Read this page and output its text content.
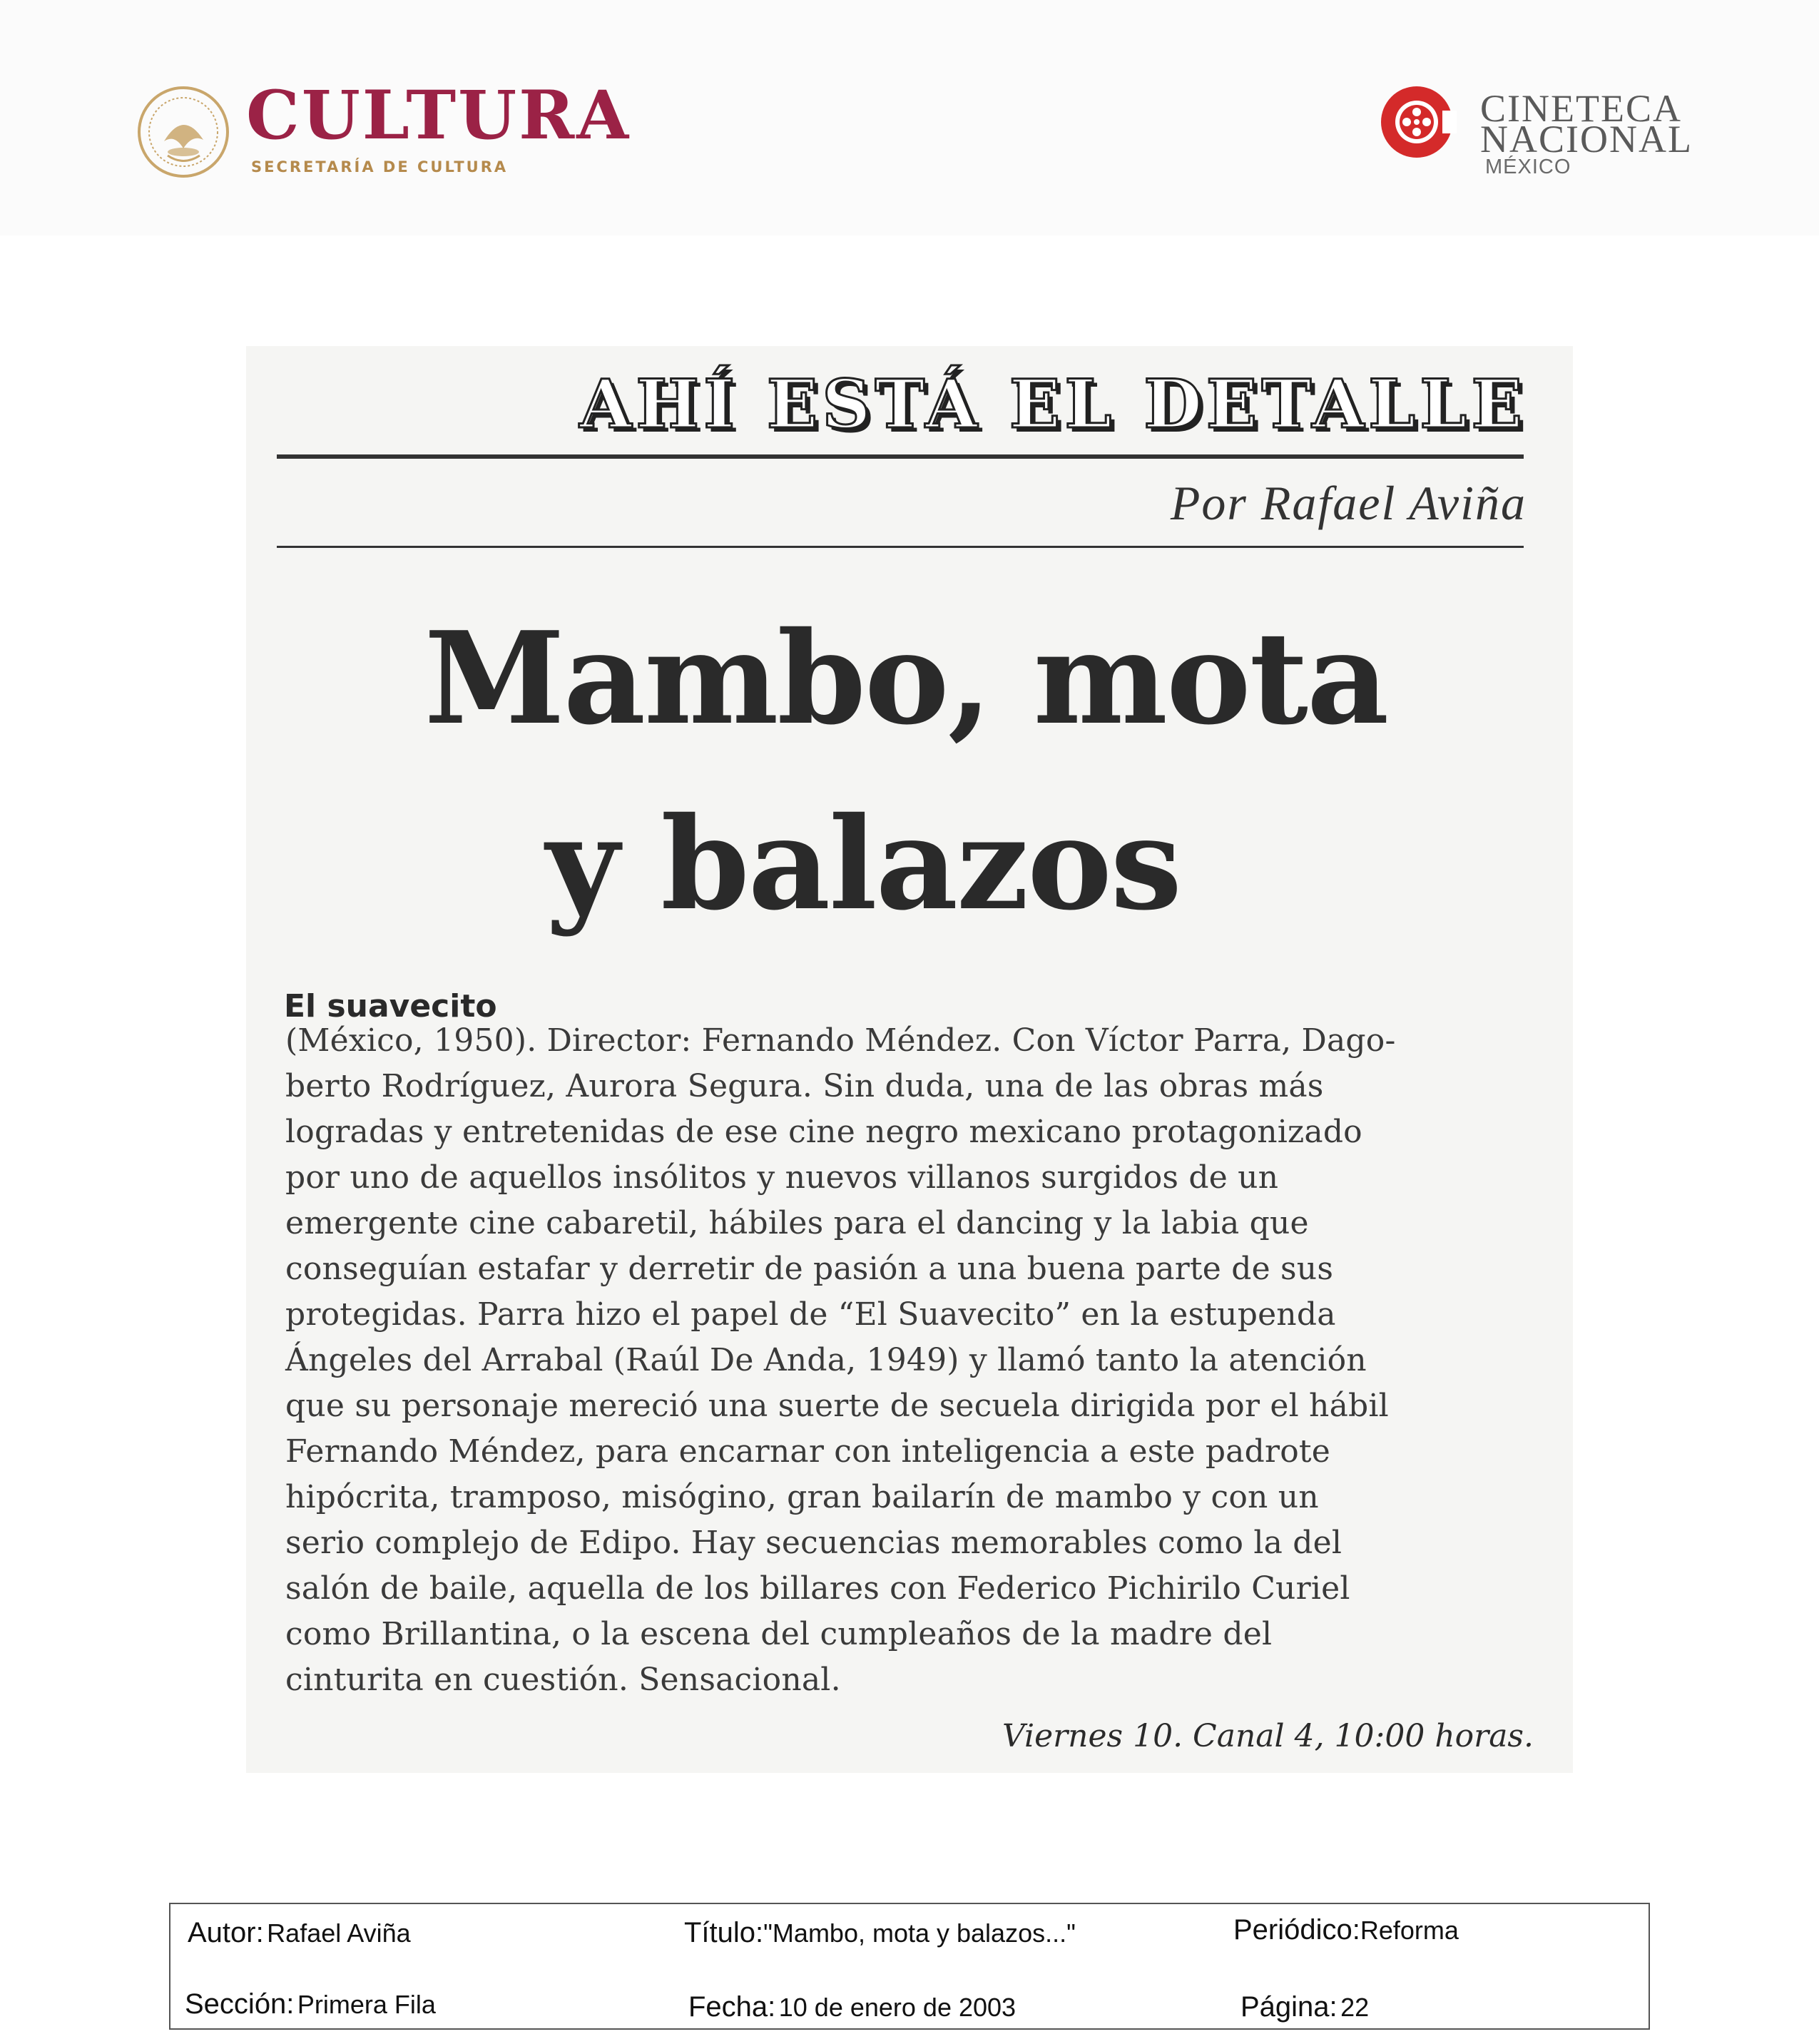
CULTURA
SECRETARÍA DE CULTURA
CINETECA
NACIONAL
MÉXICO
AHÍ ESTÁ EL DETALLE
Por Rafael Aviña
Mambo, mota
y balazos
El suavecito
(México, 1950). Director: Fernando Méndez. Con Víctor Parra, Dago-
berto Rodríguez, Aurora Segura. Sin duda, una de las obras más
logradas y entretenidas de ese cine negro mexicano protagonizado
por uno de aquellos insólitos y nuevos villanos surgidos de un
emergente cine cabaretil, hábiles para el dancing y la labia que
conseguían estafar y derretir de pasión a una buena parte de sus
protegidas. Parra hizo el papel de “El Suavecito” en la estupenda
Ángeles del Arrabal (Raúl De Anda, 1949) y llamó tanto la atención
que su personaje mereció una suerte de secuela dirigida por el hábil
Fernando Méndez, para encarnar con inteligencia a este padrote
hipócrita, tramposo, misógino, gran bailarín de mambo y con un
serio complejo de Edipo. Hay secuencias memorables como la del
salón de baile, aquella de los billares con Federico Pichirilo Curiel
como Brillantina, o la escena del cumpleaños de la madre del
cinturita en cuestión. Sensacional.
Viernes 10. Canal 4, 10:00 horas.
Autor: Rafael Aviña	Título:"Mambo, mota y balazos..."	Periódico:Reforma
Sección: Primera Fila	Fecha: 10 de enero de 2003	Página: 22
